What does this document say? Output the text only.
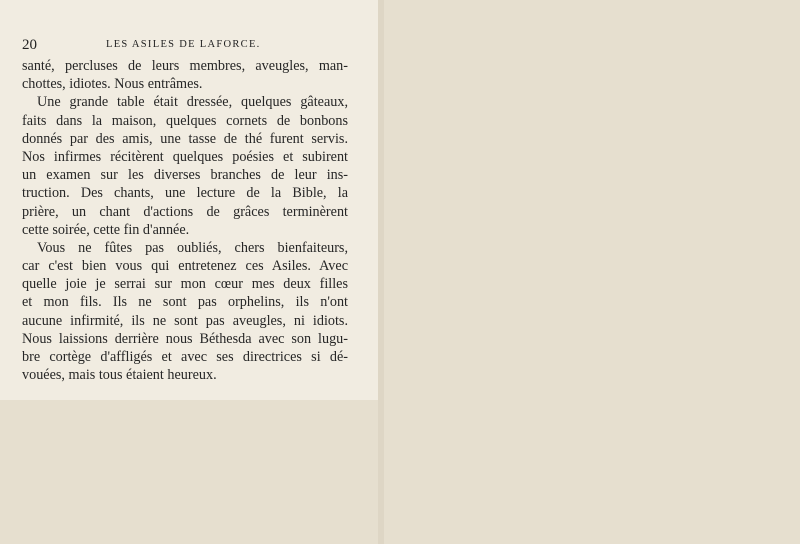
20	LES ASILES DE LAFORCE.
santé, percluses de leurs membres, aveugles, man-
chottes, idiotes. Nous entrâmes.
Une grande table était dressée, quelques gâteaux,
faits dans la maison, quelques cornets de bonbons
donnés par des amis, une tasse de thé furent servis.
Nos infirmes récitèrent quelques poésies et subirent
un examen sur les diverses branches de leur ins-
truction. Des chants, une lecture de la Bible, la
prière, un chant d'actions de grâces terminèrent
cette soirée, cette fin d'année.
Vous ne fûtes pas oubliés, chers bienfaiteurs,
car c'est bien vous qui entretenez ces Asiles. Avec
quelle joie je serrai sur mon cœur mes deux filles
et mon fils. Ils ne sont pas orphelins, ils n'ont
aucune infirmité, ils ne sont pas aveugles, ni idiots.
Nous laissions derrière nous Béthesda avec son lugu-
bre cortège d'affligés et avec ses directrices si dé-
vouées, mais tous étaient heureux.
